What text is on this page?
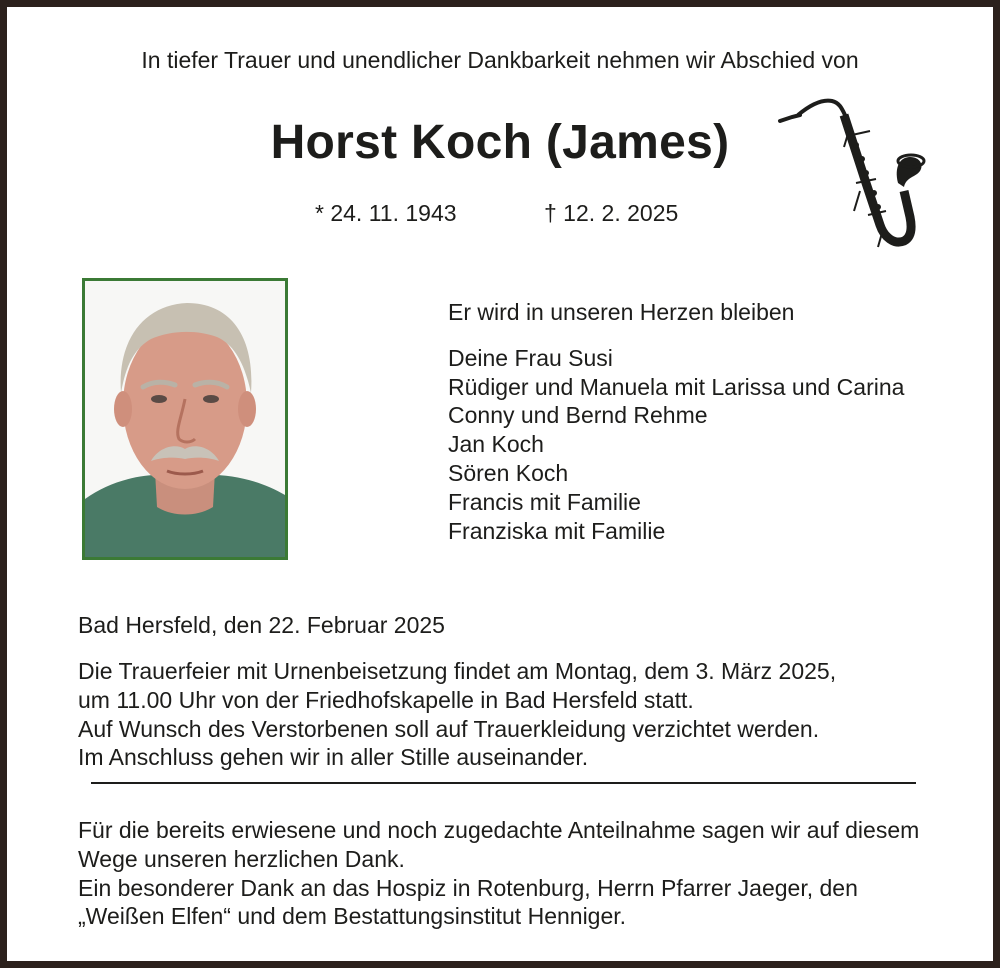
In tiefer Trauer und unendlicher Dankbarkeit nehmen wir Abschied von
Horst Koch (James)
* 24. 11. 1943	† 12. 2. 2025
Er wird in unseren Herzen bleiben
Deine Frau Susi
Rüdiger und Manuela mit Larissa und Carina
Conny und Bernd Rehme
Jan Koch
Sören Koch
Francis mit Familie
Franziska mit Familie
Bad Hersfeld, den 22. Februar 2025
Die Trauerfeier mit Urnenbeisetzung findet am Montag, dem 3. März 2025,
um 11.00 Uhr von der Friedhofskapelle in Bad Hersfeld statt.
Auf Wunsch des Verstorbenen soll auf Trauerkleidung verzichtet werden.
Im Anschluss gehen wir in aller Stille auseinander.
Für die bereits erwiesene und noch zugedachte Anteilnahme sagen wir auf diesem
Wege unseren herzlichen Dank.
Ein besonderer Dank an das Hospiz in Rotenburg, Herrn Pfarrer Jaeger, den
„Weißen Elfen“ und dem Bestattungsinstitut Henniger.
